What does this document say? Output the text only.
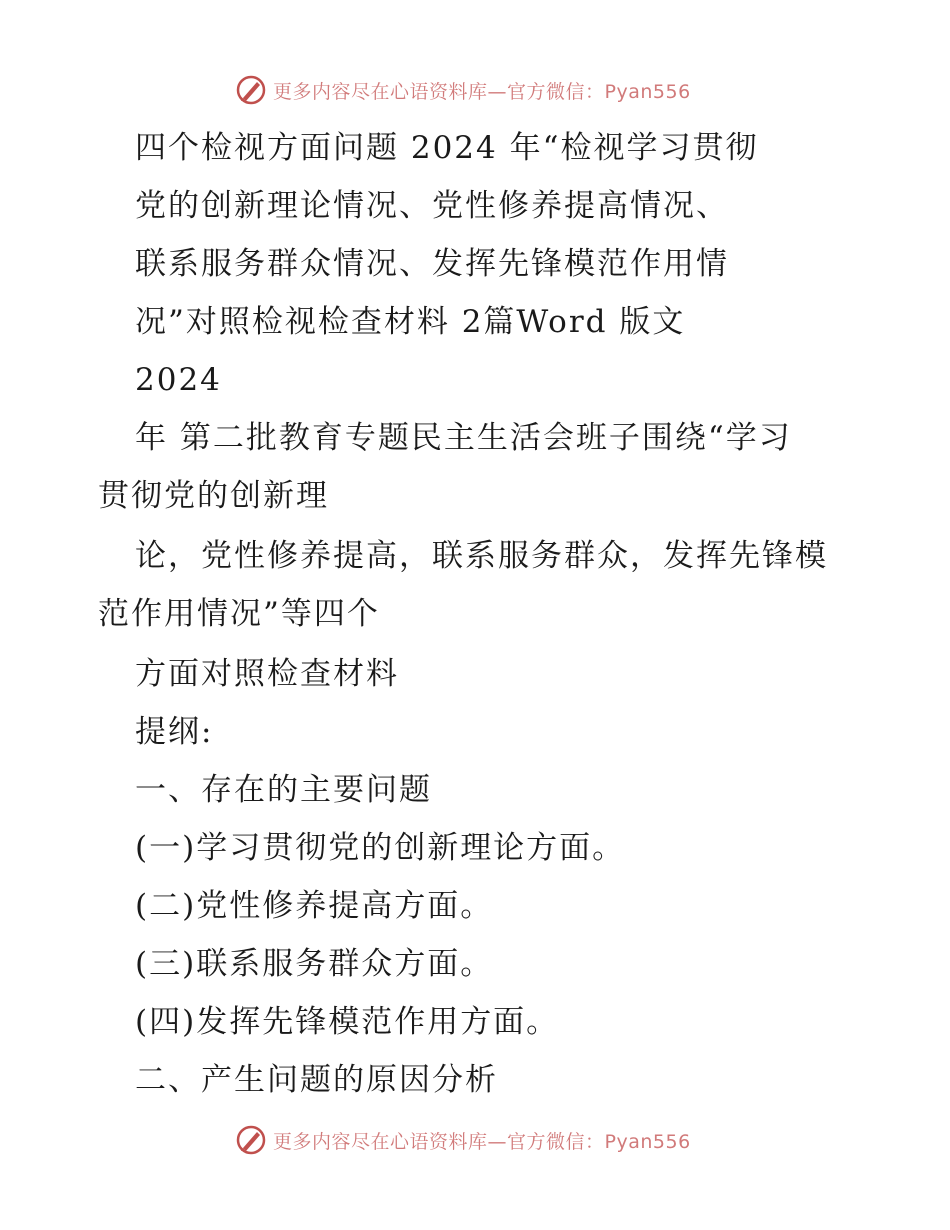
更多内容尽在心语资料库—官方微信：Pyan556
四个检视方面问题 2024 年“检视学习贯彻
党的创新理论情况、党性修养提高情况、
联系服务群众情况、发挥先锋模范作用情
况”对照检视检查材料 2篇Word 版文
2024
年 第二批教育专题民主生活会班子围绕“学习
贯彻党的创新理
论，党性修养提高，联系服务群众，发挥先锋模
范作用情况”等四个
方面对照检查材料
提纲:
一、存在的主要问题
(一)学习贯彻党的创新理论方面。
(二)党性修养提高方面。
(三)联系服务群众方面。
(四)发挥先锋模范作用方面。
二、产生问题的原因分析
更多内容尽在心语资料库—官方微信：Pyan556
